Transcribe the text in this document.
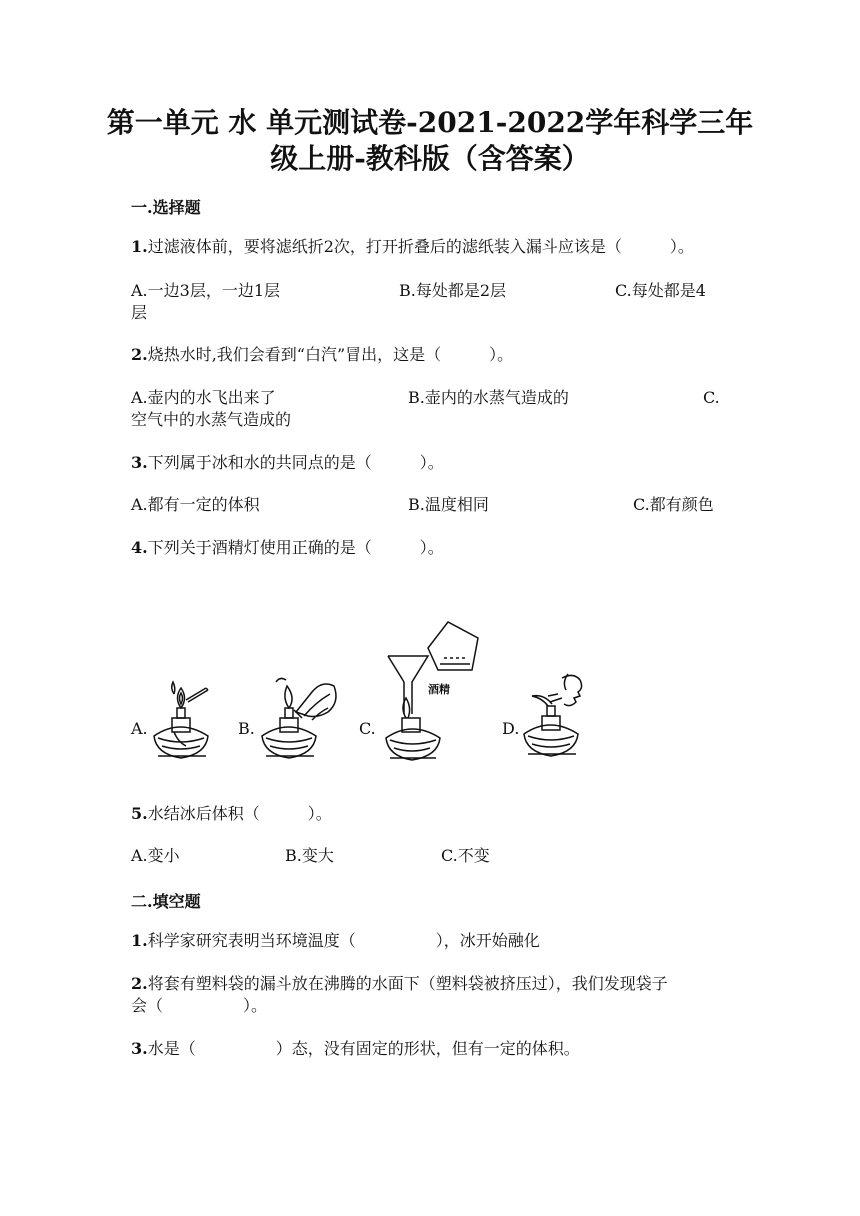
第一单元 水 单元测试卷-2021-2022学年科学三年
级上册-教科版（含答案）
一.选择题
1.过滤液体前，要将滤纸折2次，打开折叠后的滤纸装入漏斗应该是（　　　）。
A.一边3层，一边1层	B.每处都是2层	C.每处都是4
层
2.烧热水时,我们会看到“白汽”冒出，这是（　　　）。
A.壶内的水飞出来了	B.壶内的水蒸气造成的	C.
空气中的水蒸气造成的
3.下列属于冰和水的共同点的是（　　　）。
A.都有一定的体积	B.温度相同	C.都有颜色
4.下列关于酒精灯使用正确的是（　　　）。
A.	B.	C.	D.
酒精
5.水结冰后体积（　　　）。
A.变小	B.变大	C.不变
二.填空题
1.科学家研究表明当环境温度（　　　　　），冰开始融化
2.将套有塑料袋的漏斗放在沸腾的水面下（塑料袋被挤压过），我们发现袋子
会（　　　　　）。
3.水是（　　　　　）态，没有固定的形状，但有一定的体积。
